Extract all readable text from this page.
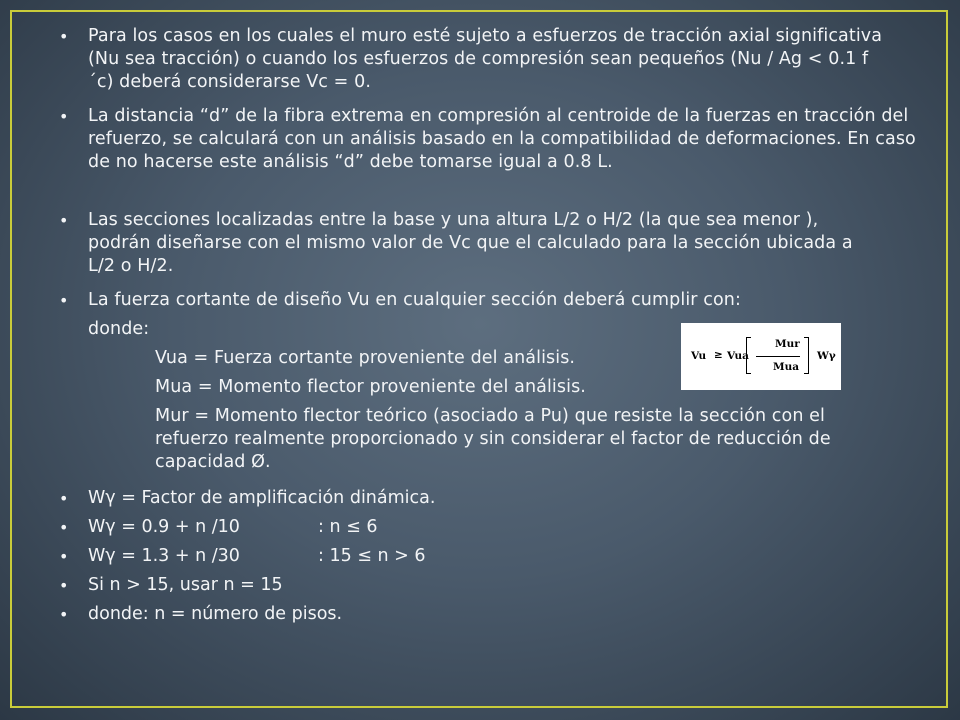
• Para los casos en los cuales el muro esté sujeto a esfuerzos de tracción axial significativa (Nu sea tracción) o cuando los esfuerzos de compresión sean pequeños (Nu / Ag < 0.1 f´c) deberá considerarse Vc = 0.

• La distancia “d” de la fibra extrema en compresión al centroide de la fuerzas en tracción del refuerzo, se calculará con un análisis basado en la compatibilidad de deformaciones. En caso de no hacerse este análisis “d” debe tomarse igual a 0.8 L.

• Las secciones localizadas entre la base y una altura L/2 o H/2 (la que sea menor ), podrán diseñarse con el mismo valor de Vc que el calculado para la sección ubicada a L/2 o H/2.

• La fuerza cortante de diseño Vu en cualquier sección deberá cumplir con:

donde:

Vua = Fuerza cortante proveniente del análisis.

Mua = Momento flector proveniente del análisis.

Mur = Momento flector teórico (asociado a Pu) que resiste la sección con el refuerzo realmente proporcionado y sin considerar el factor de reducción de capacidad Ø.

Vu ≥ Vua
Mur
Mua
Wγ
• Wγ = Factor de amplificación dinámica.
• Wγ = 0.9 + n /10	: n ≤ 6
• Wγ = 1.3 + n /30	: 15 ≤ n > 6
• Si n > 15, usar n = 15
• donde: n = número de pisos.
